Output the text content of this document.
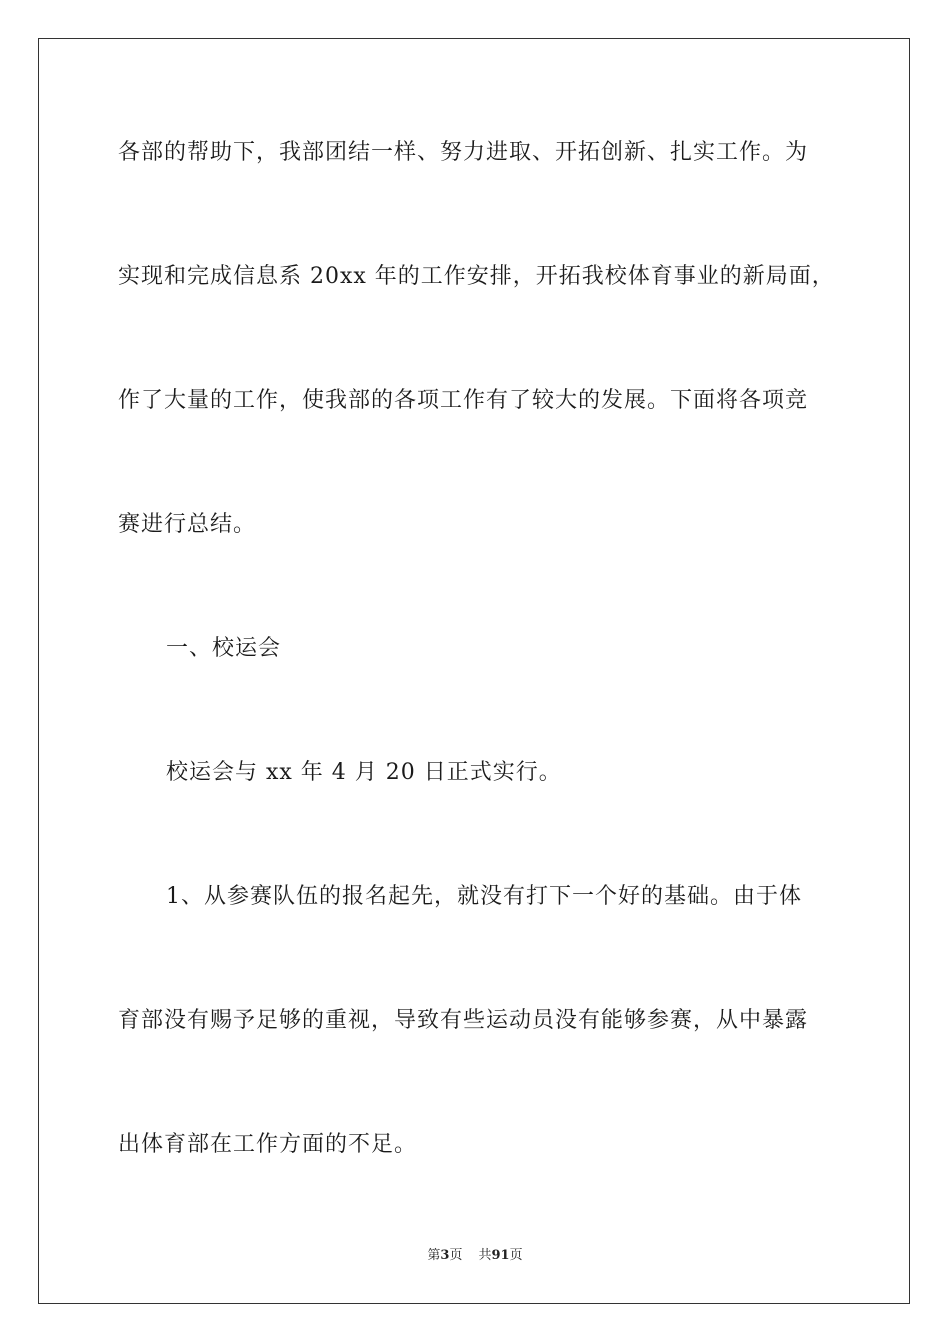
各部的帮助下，我部团结一样、努力进取、开拓创新、扎实工作。为
实现和完成信息系 20xx 年的工作安排，开拓我校体育事业的新局面，
作了大量的工作，使我部的各项工作有了较大的发展。下面将各项竞
赛进行总结。
一、校运会
校运会与 xx 年 4 月 20 日正式实行。
1、从参赛队伍的报名起先，就没有打下一个好的基础。由于体
育部没有赐予足够的重视，导致有些运动员没有能够参赛，从中暴露
出体育部在工作方面的不足。
第3页 共91页
